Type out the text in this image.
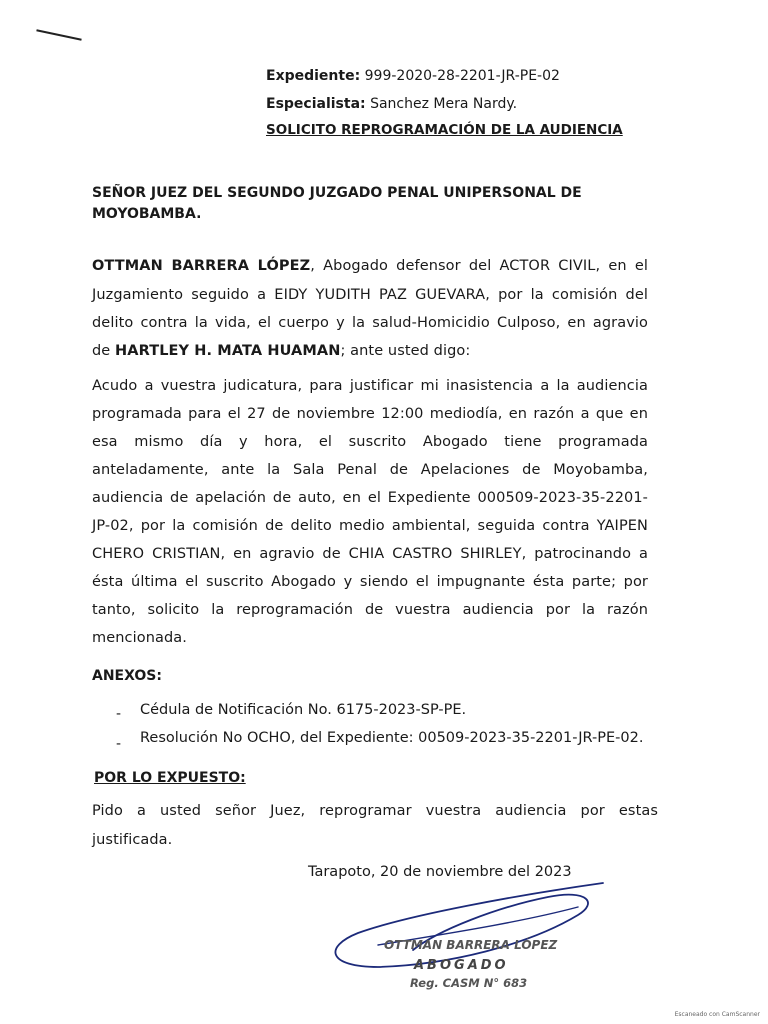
Expediente: 999-2020-28-2201-JR-PE-02
Especialista: Sanchez Mera Nardy.
SOLICITO REPROGRAMACIÓN DE LA AUDIENCIA
SEÑOR JUEZ DEL SEGUNDO JUZGADO PENAL UNIPERSONAL DE
MOYOBAMBA.
OTTMAN BARRERA LÓPEZ, Abogado defensor del ACTOR CIVIL, en el
Juzgamiento seguido a EIDY YUDITH PAZ GUEVARA, por la comisión del
delito contra la vida, el cuerpo y la salud-Homicidio Culposo, en agravio
de HARTLEY H. MATA HUAMAN; ante usted digo:
Acudo a vuestra judicatura, para justificar mi inasistencia a la audiencia
programada para el 27 de noviembre 12:00 mediodía, en razón a que en
esa mismo día y hora, el suscrito Abogado tiene programada
anteladamente, ante la Sala Penal de Apelaciones de Moyobamba,
audiencia de apelación de auto, en el Expediente 000509-2023-35-2201-
JP-02, por la comisión de delito medio ambiental, seguida contra YAIPEN
CHERO CRISTIAN, en agravio de CHIA CASTRO SHIRLEY, patrocinando a
ésta última el suscrito Abogado y siendo el impugnante ésta parte; por
tanto, solicito la reprogramación de vuestra audiencia por la razón
mencionada.
ANEXOS:
- Cédula de Notificación No. 6175-2023-SP-PE.
- Resolución No OCHO, del Expediente: 00509-2023-35-2201-JR-PE-02.
POR LO EXPUESTO:
Pido a usted señor Juez, reprogramar vuestra audiencia por estas
justificada.
Tarapoto, 20 de noviembre del 2023
OTTMAN BARRERA LÓPEZ
ABOGADO
Reg. CASM N° 683
Escaneado con CamScanner
